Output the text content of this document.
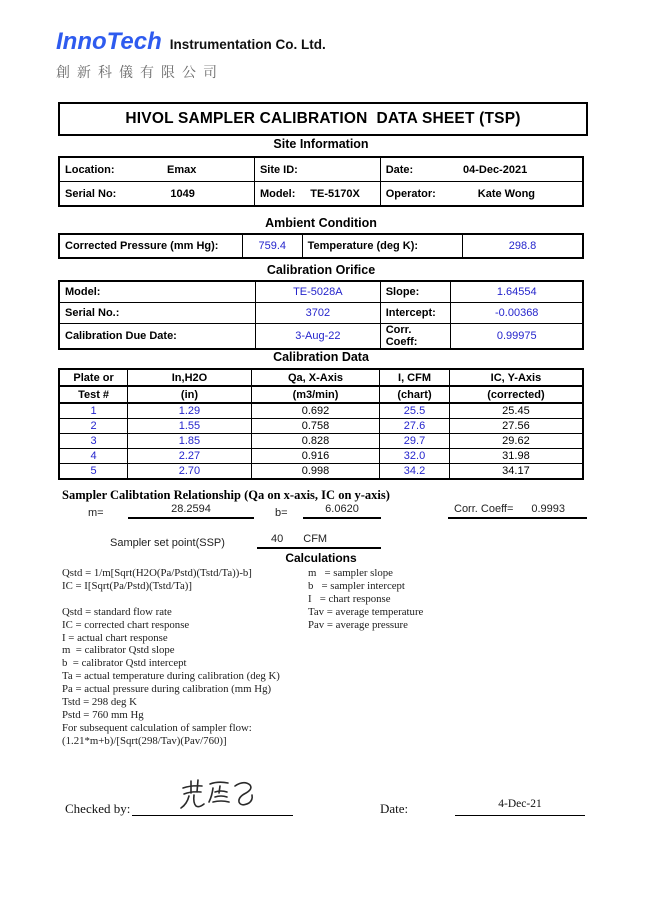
InnoTech Instrumentation Co. Ltd.
創新科儀有限公司
HIVOL SAMPLER CALIBRATION  DATA SHEET (TSP)
Site Information
Location: Emax	Site ID:	Date: 04-Dec-2021

Serial No: 1049	Model: TE-5170X	Operator: Kate Wong
Ambient Condition
Corrected Pressure (mm Hg):	759.4	Temperature (deg K):	298.8
Calibration Orifice
Model:	TE-5028A	Slope:	1.64554
Serial No.:	3702	Intercept:	-0.00368
Calibration Due Date:	3-Aug-22	Corr. Coeff:	0.99975
Calibration Data
Plate or	In,H2O	Qa, X-Axis	I, CFM	IC, Y-Axis
Test #	(in)	(m3/min)	(chart)	(corrected)
1	1.29	0.692	25.5	25.45
2	1.55	0.758	27.6	27.56
3	1.85	0.828	29.7	29.62
4	2.27	0.916	32.0	31.98
5	2.70	0.998	34.2	34.17
Sampler Calibtation Relationship (Qa on x-axis, IC on y-axis)
m=	28.2594	b=	6.0620	Corr. Coeff= 0.9993
Sampler set point(SSP)	40 CFM
Calculations
Qstd = 1/m[Sqrt(H2O(Pa/Pstd)(Tstd/Ta))-b]
IC = I[Sqrt(Pa/Pstd)(Tstd/Ta)]
Qstd = standard flow rate
IC = corrected chart response
I = actual chart response
m  = calibrator Qstd slope
b  = calibrator Qstd intercept
Ta = actual temperature during calibration (deg K)
Pa = actual pressure during calibration (mm Hg)
Tstd = 298 deg K
Pstd = 760 mm Hg
For subsequent calculation of sampler flow:
(1.21*m+b)/[Sqrt(298/Tav)(Pav/760)]
m   = sampler slope
b   = sampler intercept
I   = chart response
Tav = average temperature
Pav = average pressure
Checked by:	Date:	4-Dec-21
